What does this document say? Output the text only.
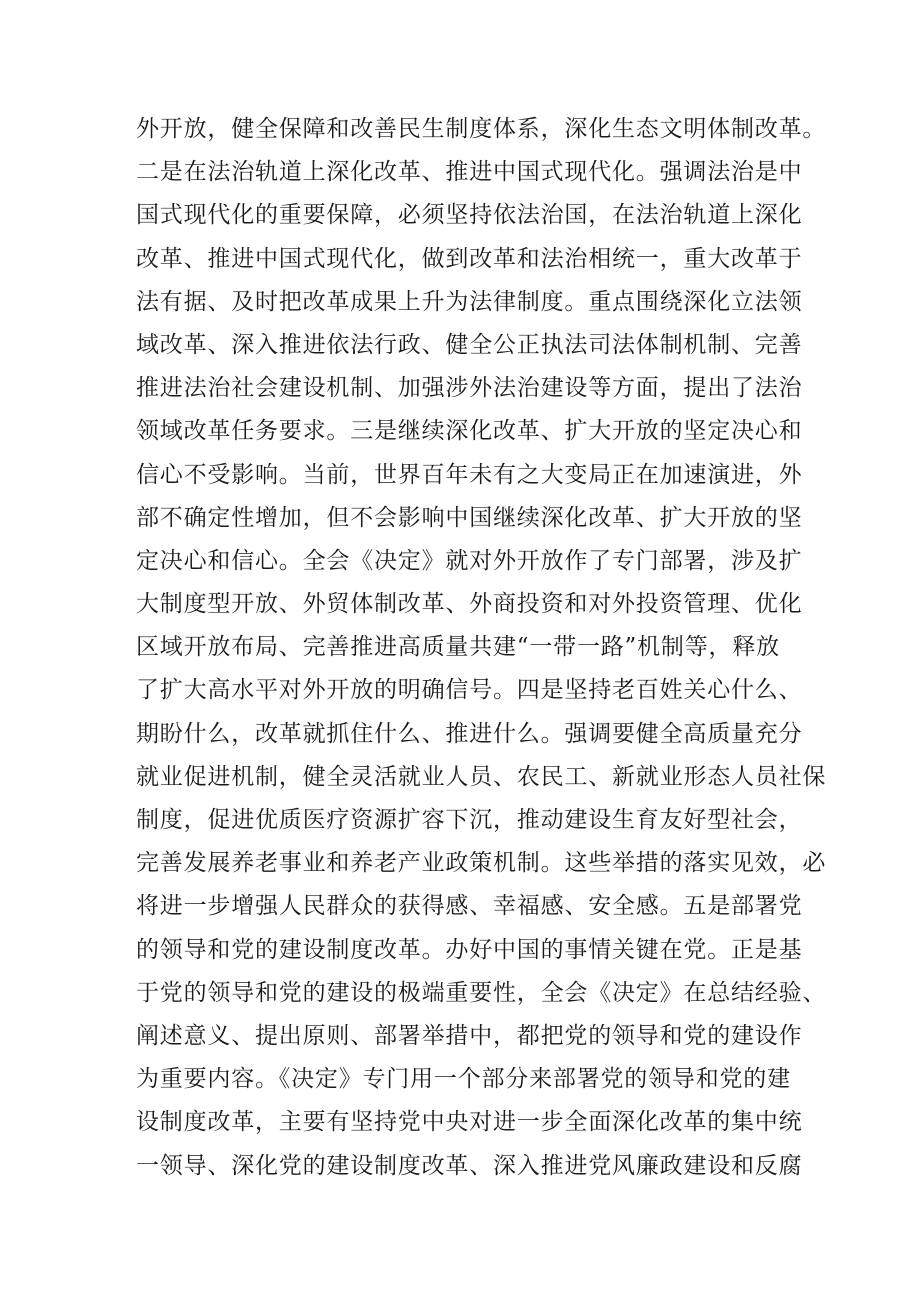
外开放，健全保障和改善民生制度体系，深化生态文明体制改革。
二是在法治轨道上深化改革、推进中国式现代化。强调法治是中
国式现代化的重要保障，必须坚持依法治国，在法治轨道上深化
改革、推进中国式现代化，做到改革和法治相统一，重大改革于
法有据、及时把改革成果上升为法律制度。重点围绕深化立法领
域改革、深入推进依法行政、健全公正执法司法体制机制、完善
推进法治社会建设机制、加强涉外法治建设等方面，提出了法治
领域改革任务要求。三是继续深化改革、扩大开放的坚定决心和
信心不受影响。当前，世界百年未有之大变局正在加速演进，外
部不确定性增加，但不会影响中国继续深化改革、扩大开放的坚
定决心和信心。全会《决定》就对外开放作了专门部署，涉及扩
大制度型开放、外贸体制改革、外商投资和对外投资管理、优化
区域开放布局、完善推进高质量共建“一带一路”机制等，释放
了扩大高水平对外开放的明确信号。四是坚持老百姓关心什么、
期盼什么，改革就抓住什么、推进什么。强调要健全高质量充分
就业促进机制，健全灵活就业人员、农民工、新就业形态人员社保
制度，促进优质医疗资源扩容下沉，推动建设生育友好型社会，
完善发展养老事业和养老产业政策机制。这些举措的落实见效，必
将进一步增强人民群众的获得感、幸福感、安全感。五是部署党
的领导和党的建设制度改革。办好中国的事情关键在党。正是基
于党的领导和党的建设的极端重要性，全会《决定》在总结经验、
阐述意义、提出原则、部署举措中，都把党的领导和党的建设作
为重要内容。《决定》专门用一个部分来部署党的领导和党的建
设制度改革，主要有坚持党中央对进一步全面深化改革的集中统
一领导、深化党的建设制度改革、深入推进党风廉政建设和反腐
